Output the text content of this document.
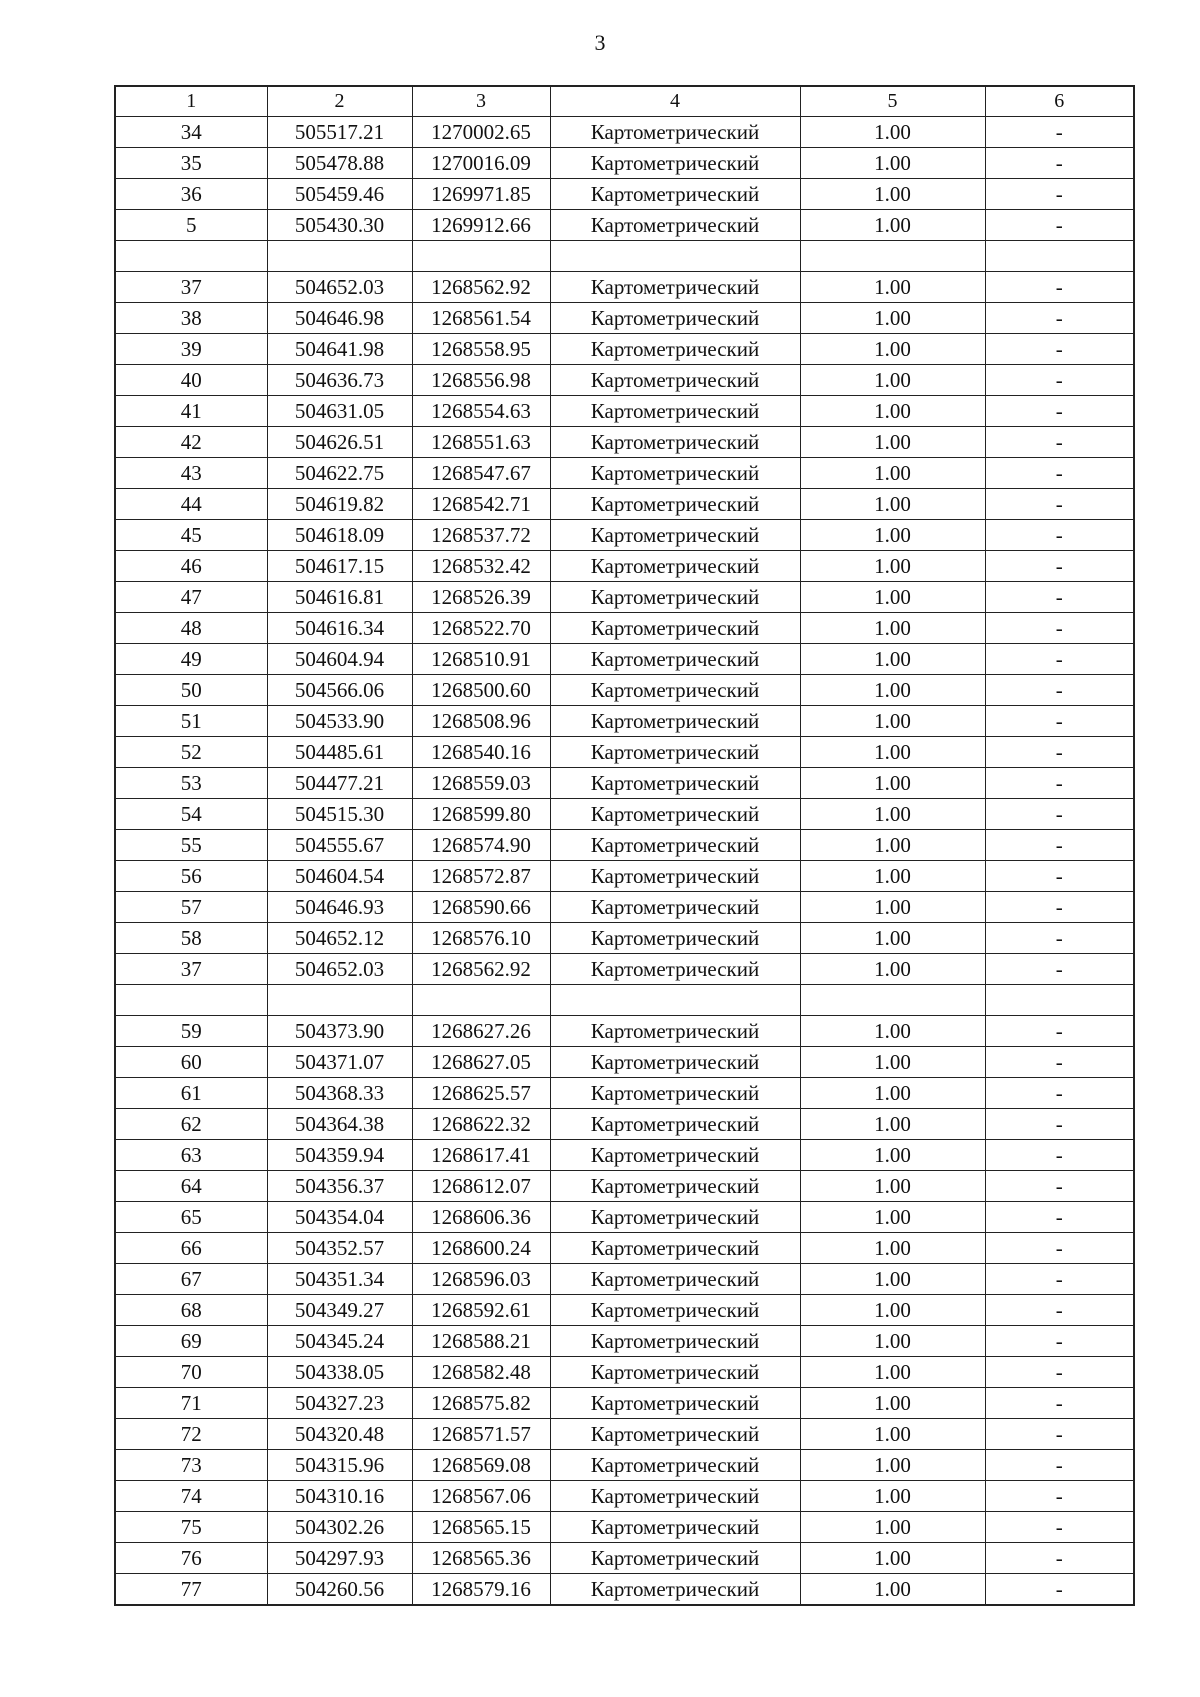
3
1	2	3	4	5	6
34	505517.21	1270002.65	Картометрический	1.00	-
35	505478.88	1270016.09	Картометрический	1.00	-
36	505459.46	1269971.85	Картометрический	1.00	-
5	505430.30	1269912.66	Картометрический	1.00	-

37	504652.03	1268562.92	Картометрический	1.00	-
38	504646.98	1268561.54	Картометрический	1.00	-
39	504641.98	1268558.95	Картометрический	1.00	-
40	504636.73	1268556.98	Картометрический	1.00	-
41	504631.05	1268554.63	Картометрический	1.00	-
42	504626.51	1268551.63	Картометрический	1.00	-
43	504622.75	1268547.67	Картометрический	1.00	-
44	504619.82	1268542.71	Картометрический	1.00	-
45	504618.09	1268537.72	Картометрический	1.00	-
46	504617.15	1268532.42	Картометрический	1.00	-
47	504616.81	1268526.39	Картометрический	1.00	-
48	504616.34	1268522.70	Картометрический	1.00	-
49	504604.94	1268510.91	Картометрический	1.00	-
50	504566.06	1268500.60	Картометрический	1.00	-
51	504533.90	1268508.96	Картометрический	1.00	-
52	504485.61	1268540.16	Картометрический	1.00	-
53	504477.21	1268559.03	Картометрический	1.00	-
54	504515.30	1268599.80	Картометрический	1.00	-
55	504555.67	1268574.90	Картометрический	1.00	-
56	504604.54	1268572.87	Картометрический	1.00	-
57	504646.93	1268590.66	Картометрический	1.00	-
58	504652.12	1268576.10	Картометрический	1.00	-
37	504652.03	1268562.92	Картометрический	1.00	-

59	504373.90	1268627.26	Картометрический	1.00	-
60	504371.07	1268627.05	Картометрический	1.00	-
61	504368.33	1268625.57	Картометрический	1.00	-
62	504364.38	1268622.32	Картометрический	1.00	-
63	504359.94	1268617.41	Картометрический	1.00	-
64	504356.37	1268612.07	Картометрический	1.00	-
65	504354.04	1268606.36	Картометрический	1.00	-
66	504352.57	1268600.24	Картометрический	1.00	-
67	504351.34	1268596.03	Картометрический	1.00	-
68	504349.27	1268592.61	Картометрический	1.00	-
69	504345.24	1268588.21	Картометрический	1.00	-
70	504338.05	1268582.48	Картометрический	1.00	-
71	504327.23	1268575.82	Картометрический	1.00	-
72	504320.48	1268571.57	Картометрический	1.00	-
73	504315.96	1268569.08	Картометрический	1.00	-
74	504310.16	1268567.06	Картометрический	1.00	-
75	504302.26	1268565.15	Картометрический	1.00	-
76	504297.93	1268565.36	Картометрический	1.00	-
77	504260.56	1268579.16	Картометрический	1.00	-
